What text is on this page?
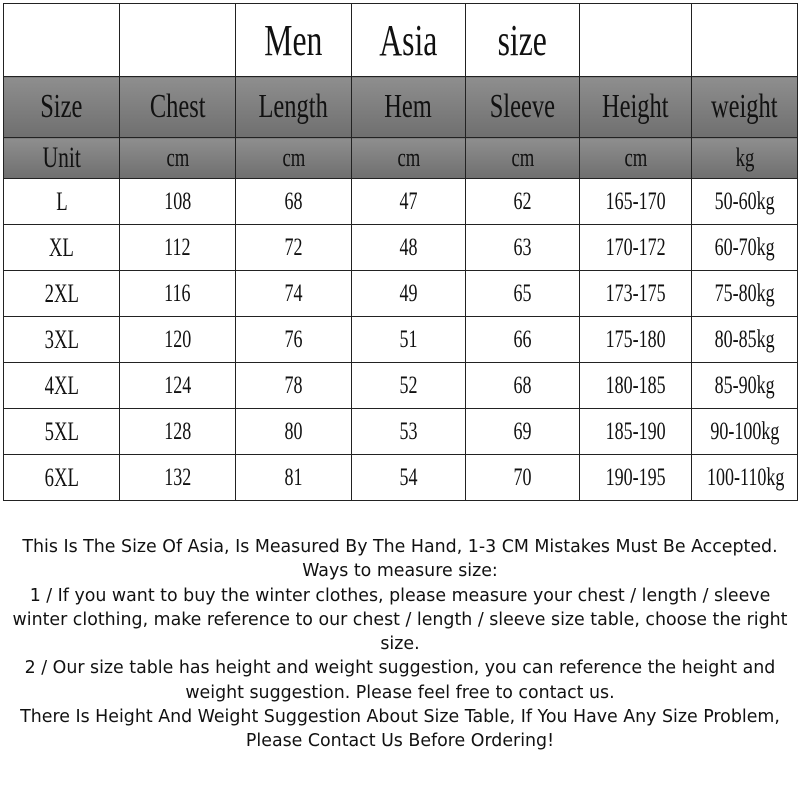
		Men	Asia	size		
Size	Chest	Length	Hem	Sleeve	Height	weight
Unit	cm	cm	cm	cm	cm	kg
L	108	68	47	62	165-170	50-60kg
XL	112	72	48	63	170-172	60-70kg
2XL	116	74	49	65	173-175	75-80kg
3XL	120	76	51	66	175-180	80-85kg
4XL	124	78	52	68	180-185	85-90kg
5XL	128	80	53	69	185-190	90-100kg
6XL	132	81	54	70	190-195	100-110kg

This Is The Size Of Asia, Is Measured By The Hand, 1-3 CM Mistakes Must Be Accepted.

Ways to measure size:

1 / If you want to buy the winter clothes, please measure your chest / length / sleeve winter clothing, make reference to our chest / length / sleeve size table, choose the right size.

2 / Our size table has height and weight suggestion, you can reference the height and weight suggestion. Please feel free to contact us.

There Is Height And Weight Suggestion About Size Table, If You Have Any Size Problem, Please Contact Us Before Ordering!
